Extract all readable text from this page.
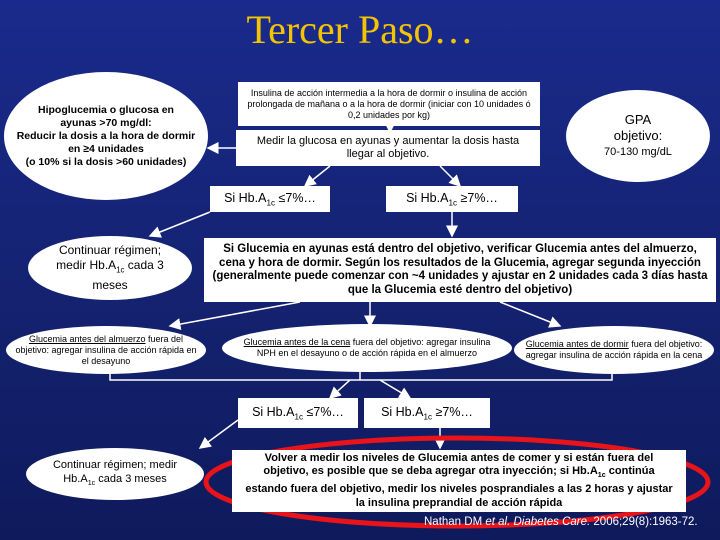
Tercer Paso…
Hipoglucemia o glucosa en
ayunas >70 mg/dl:
Reducir la dosis a la hora de dormir
en ≥4 unidades
(o 10% si la dosis >60 unidades)
Insulina de acción intermedia a la hora de dormir o insulina de acción prolongada de mañana o a la hora de dormir (iniciar con 10 unidades ó 0,2 unidades por kg)
Medir la glucosa en ayunas y aumentar la dosis hasta llegar al objetivo.
GPA
objetivo:
70-130 mg/dL
Si $Hb.A_{1c}$ ≤7%…	Si $Hb.A_{1c}$ ≥7%…
Continuar régimen;
medir $Hb.A_{1c}$ cada 3
meses
Si Glucemia en ayunas está dentro del objetivo, verificar Glucemia antes del almuerzo, cena y hora de dormir. Según los resultados de la Glucemia, agregar segunda inyección (generalmente puede comenzar con ~4 unidades y ajustar en 2 unidades cada 3 días hasta que la Glucemia esté dentro del objetivo)
Glucemia antes del almuerzo fuera del objetivo: agregar insulina de acción rápida en el desayuno
Glucemia antes de la cena fuera del objetivo: agregar insulina NPH en el desayuno o de acción rápida en el almuerzo
Glucemia antes de dormir fuera del objetivo: agregar insulina de acción rápida en la cena
Si $Hb.A_{1c}$ ≤7%…	Si $Hb.A_{1c}$ ≥7%…
Continuar régimen; medir
$Hb.A_{1c}$ cada 3 meses
Volver a medir los niveles de Glucemia antes de comer y si están fuera del objetivo, es posible que se deba agregar otra inyección; si $Hb.A_{1c}$ continúa estando fuera del objetivo, medir los niveles posprandiales a las 2 horas y ajustar la insulina preprandial de acción rápida
Nathan DM et al. Diabetes Care. 2006;29(8):1963-72.
